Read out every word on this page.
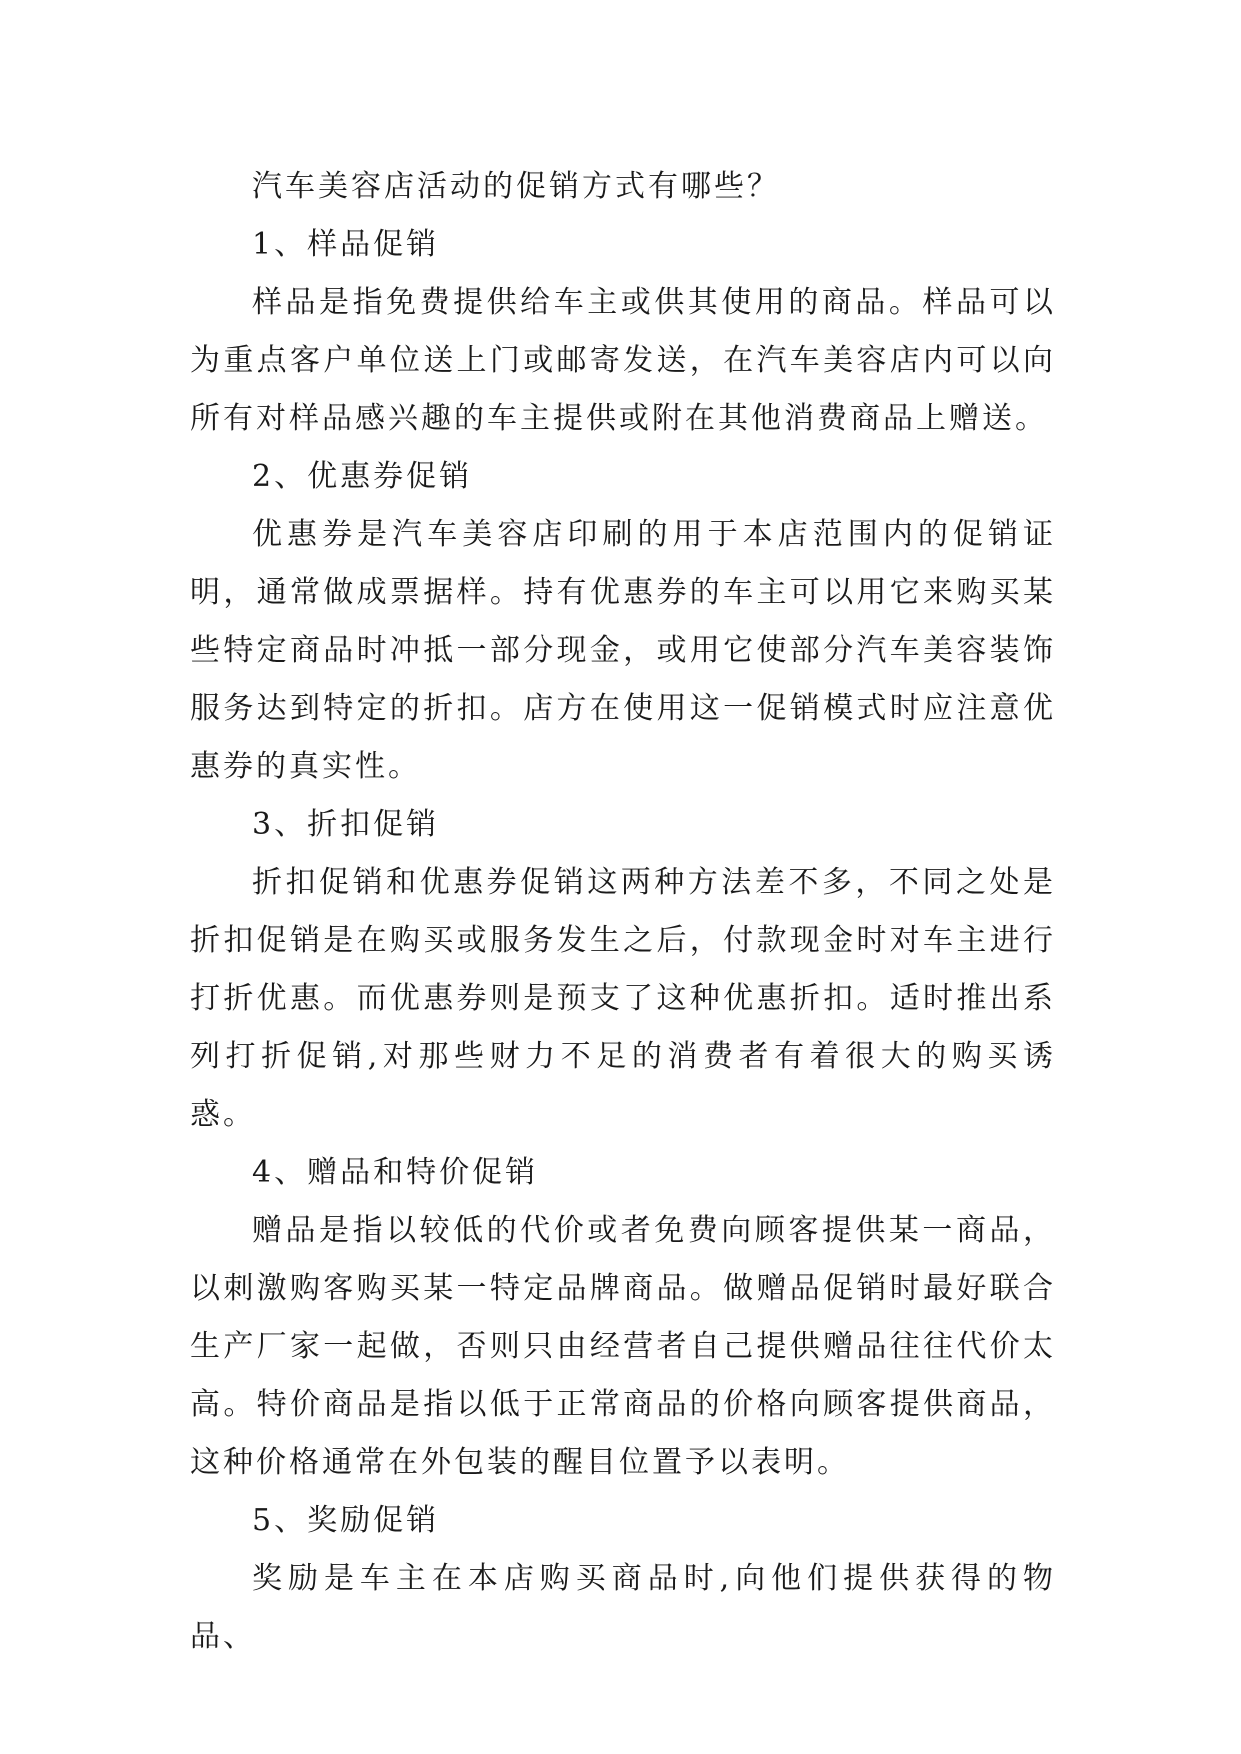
汽车美容店活动的促销方式有哪些？

1、样品促销

样品是指免费提供给车主或供其使用的商品。样品可以为重点客户单位送上门或邮寄发送，在汽车美容店内可以向所有对样品感兴趣的车主提供或附在其他消费商品上赠送。

2、优惠券促销

优惠券是汽车美容店印刷的用于本店范围内的促销证明，通常做成票据样。持有优惠券的车主可以用它来购买某些特定商品时冲抵一部分现金，或用它使部分汽车美容装饰服务达到特定的折扣。店方在使用这一促销模式时应注意优惠券的真实性。

3、折扣促销

折扣促销和优惠券促销这两种方法差不多，不同之处是折扣促销是在购买或服务发生之后，付款现金时对车主进行打折优惠。而优惠券则是预支了这种优惠折扣。适时推出系列打折促销,对那些财力不足的消费者有着很大的购买诱惑。

4、赠品和特价促销

赠品是指以较低的代价或者免费向顾客提供某一商品，以刺激购客购买某一特定品牌商品。做赠品促销时最好联合生产厂家一起做，否则只由经营者自己提供赠品往往代价太高。特价商品是指以低于正常商品的价格向顾客提供商品，这种价格通常在外包装的醒目位置予以表明。

5、奖励促销

奖励是车主在本店购买商品时,向他们提供获得的物品、
